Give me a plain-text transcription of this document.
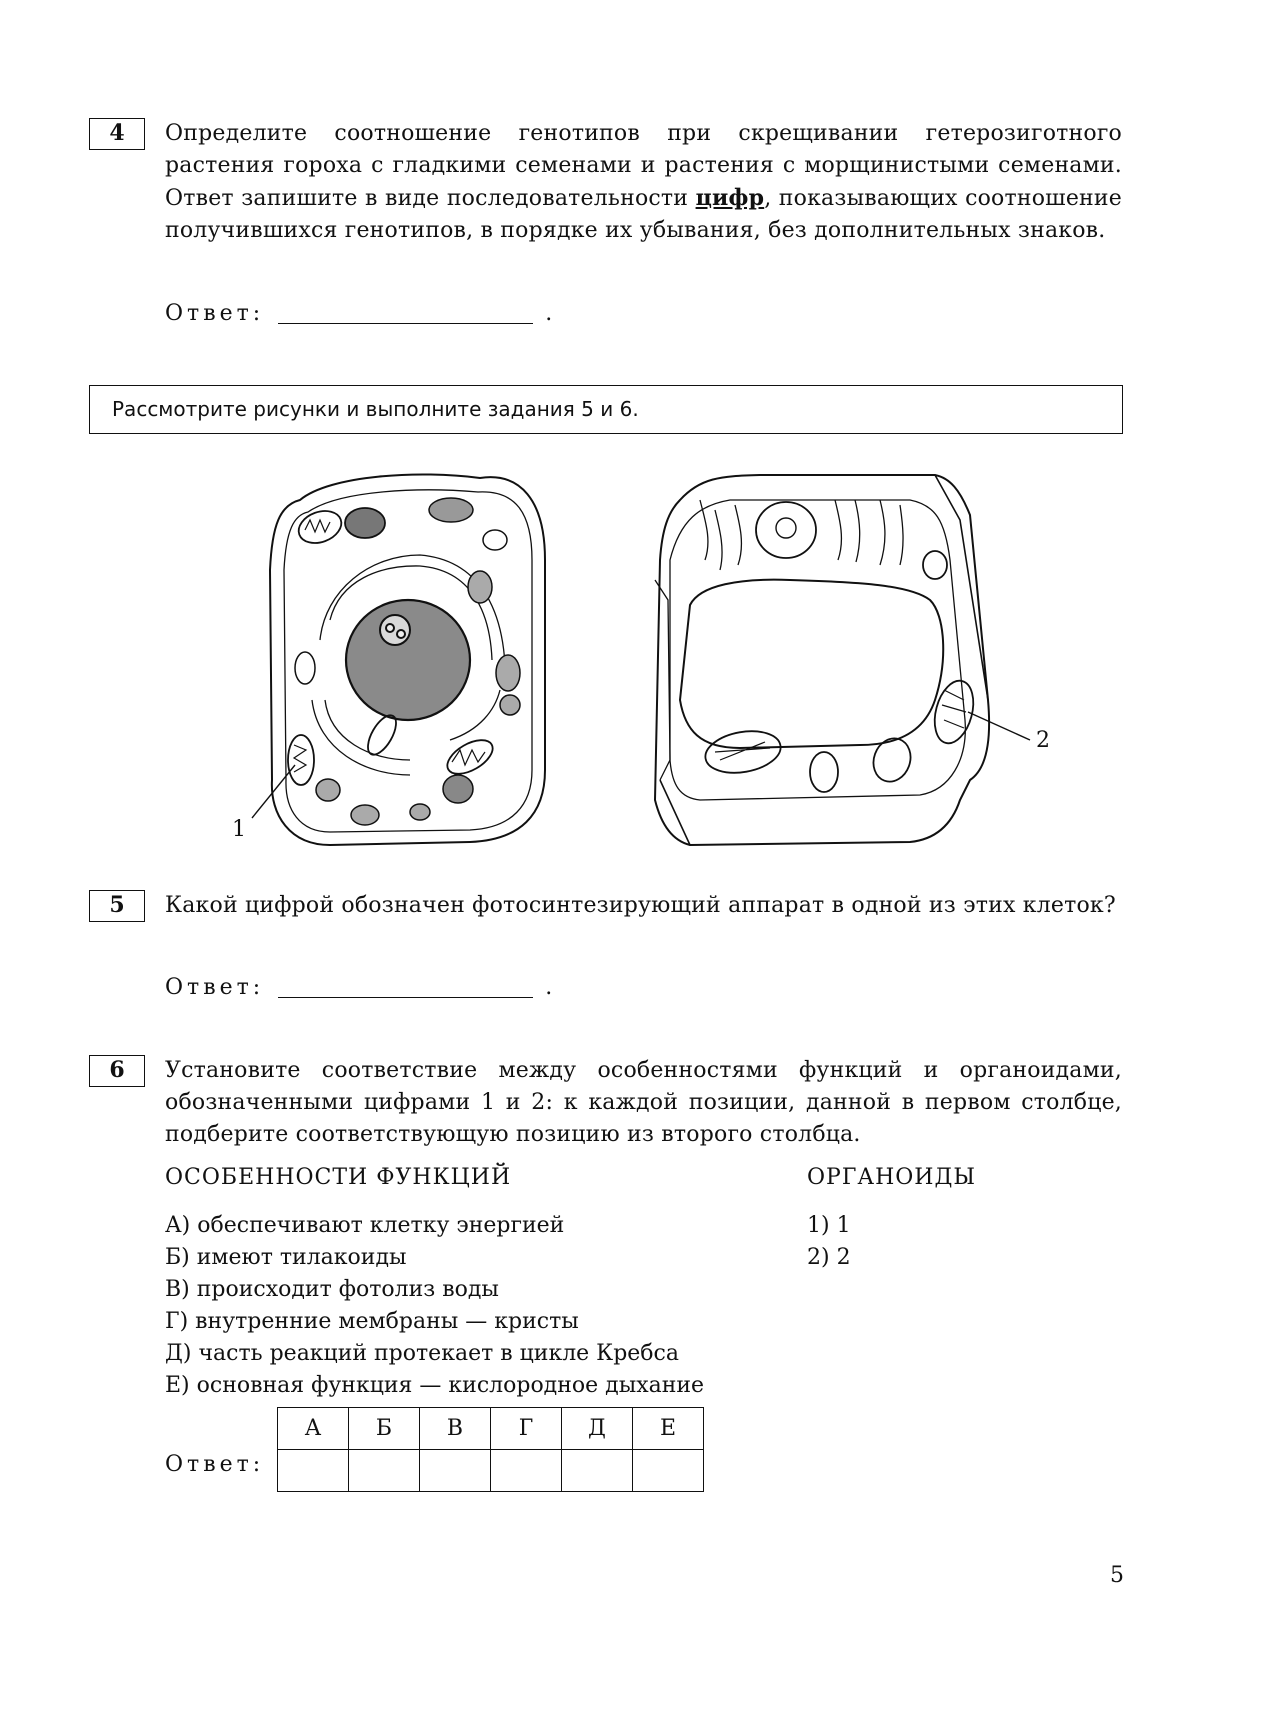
4	Определите соотношение генотипов при скрещивании гетерозиготного растения гороха с гладкими семенами и растения с морщинистыми семенами. Ответ запишите в виде последовательности цифр, показывающих соотношение получившихся генотипов, в порядке их убывания, без дополнительных знаков.
Ответ:	.
Рассмотрите рисунки и выполните задания 5 и 6.
1
2
5	Какой цифрой обозначен фотосинтезирующий аппарат в одной из этих клеток?
Ответ:	.
6	Установите соответствие между особенностями функций и органоидами, обозначенными цифрами 1 и 2: к каждой позиции, данной в первом столбце, подберите соответствующую позицию из второго столбца.
ОСОБЕННОСТИ ФУНКЦИЙ	ОРГАНОИДЫ
А) обеспечивают клетку энергией
Б) имеют тилакоиды
В) происходит фотолиз воды
Г) внутренние мембраны — кристы
Д) часть реакций протекает в цикле Кребса
Е) основная функция — кислородное дыхание
1) 1
2) 2
Ответ:
А	Б	В	Г	Д	Е

5
